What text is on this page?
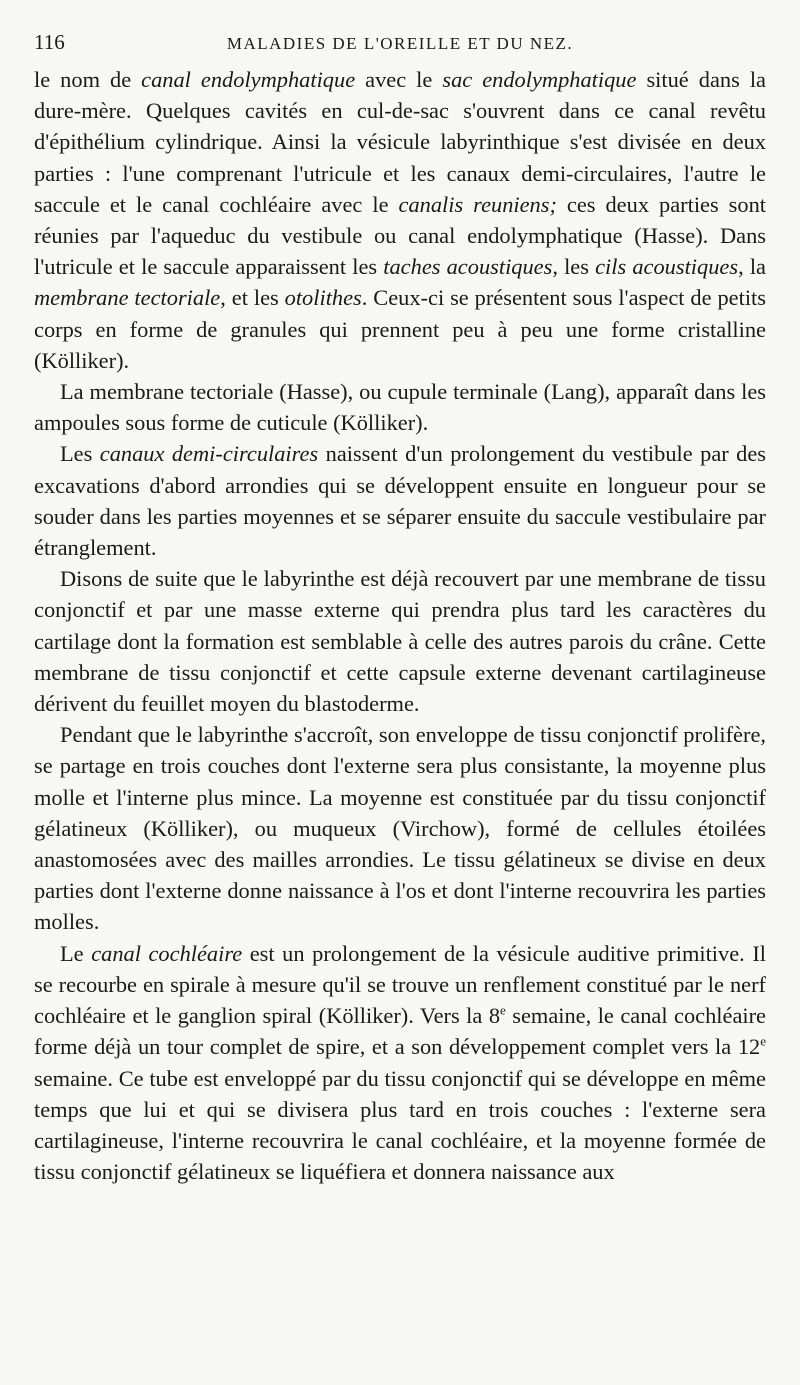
116	MALADIES DE L'OREILLE ET DU NEZ.

le nom de canal endolymphatique avec le sac endolymphatique situé dans la dure-mère. Quelques cavités en cul-de-sac s'ouvrent dans ce canal revêtu d'épithélium cylindrique. Ainsi la vésicule labyrinthique s'est divisée en deux parties : l'une comprenant l'utricule et les canaux demi-circulaires, l'autre le saccule et le canal cochléaire avec le canalis reuniens; ces deux parties sont réunies par l'aqueduc du vestibule ou canal endolymphatique (Hasse). Dans l'utricule et le saccule apparaissent les taches acoustiques, les cils acoustiques, la membrane tectoriale, et les otolithes. Ceux-ci se présentent sous l'aspect de petits corps en forme de granules qui prennent peu à peu une forme cristalline (Kölliker).

La membrane tectoriale (Hasse), ou cupule terminale (Lang), apparaît dans les ampoules sous forme de cuticule (Kölliker).

Les canaux demi-circulaires naissent d'un prolongement du vestibule par des excavations d'abord arrondies qui se développent ensuite en longueur pour se souder dans les parties moyennes et se séparer ensuite du saccule vestibulaire par étranglement.

Disons de suite que le labyrinthe est déjà recouvert par une membrane de tissu conjonctif et par une masse externe qui prendra plus tard les caractères du cartilage dont la formation est semblable à celle des autres parois du crâne. Cette membrane de tissu conjonctif et cette capsule externe devenant cartilagineuse dérivent du feuillet moyen du blastoderme.

Pendant que le labyrinthe s'accroît, son enveloppe de tissu conjonctif prolifère, se partage en trois couches dont l'externe sera plus consistante, la moyenne plus molle et l'interne plus mince. La moyenne est constituée par du tissu conjonctif gélatineux (Kölliker), ou muqueux (Virchow), formé de cellules étoilées anastomosées avec des mailles arrondies. Le tissu gélatineux se divise en deux parties dont l'externe donne naissance à l'os et dont l'interne recouvrira les parties molles.

Le canal cochléaire est un prolongement de la vésicule auditive primitive. Il se recourbe en spirale à mesure qu'il se trouve un renflement constitué par le nerf cochléaire et le ganglion spiral (Kölliker). Vers la 8e semaine, le canal cochléaire forme déjà un tour complet de spire, et a son développement complet vers la 12e semaine. Ce tube est enveloppé par du tissu conjonctif qui se développe en même temps que lui et qui se divisera plus tard en trois couches : l'externe sera cartilagineuse, l'interne recouvrira le canal cochléaire, et la moyenne formée de tissu conjonctif gélatineux se liquéfiera et donnera naissance aux
